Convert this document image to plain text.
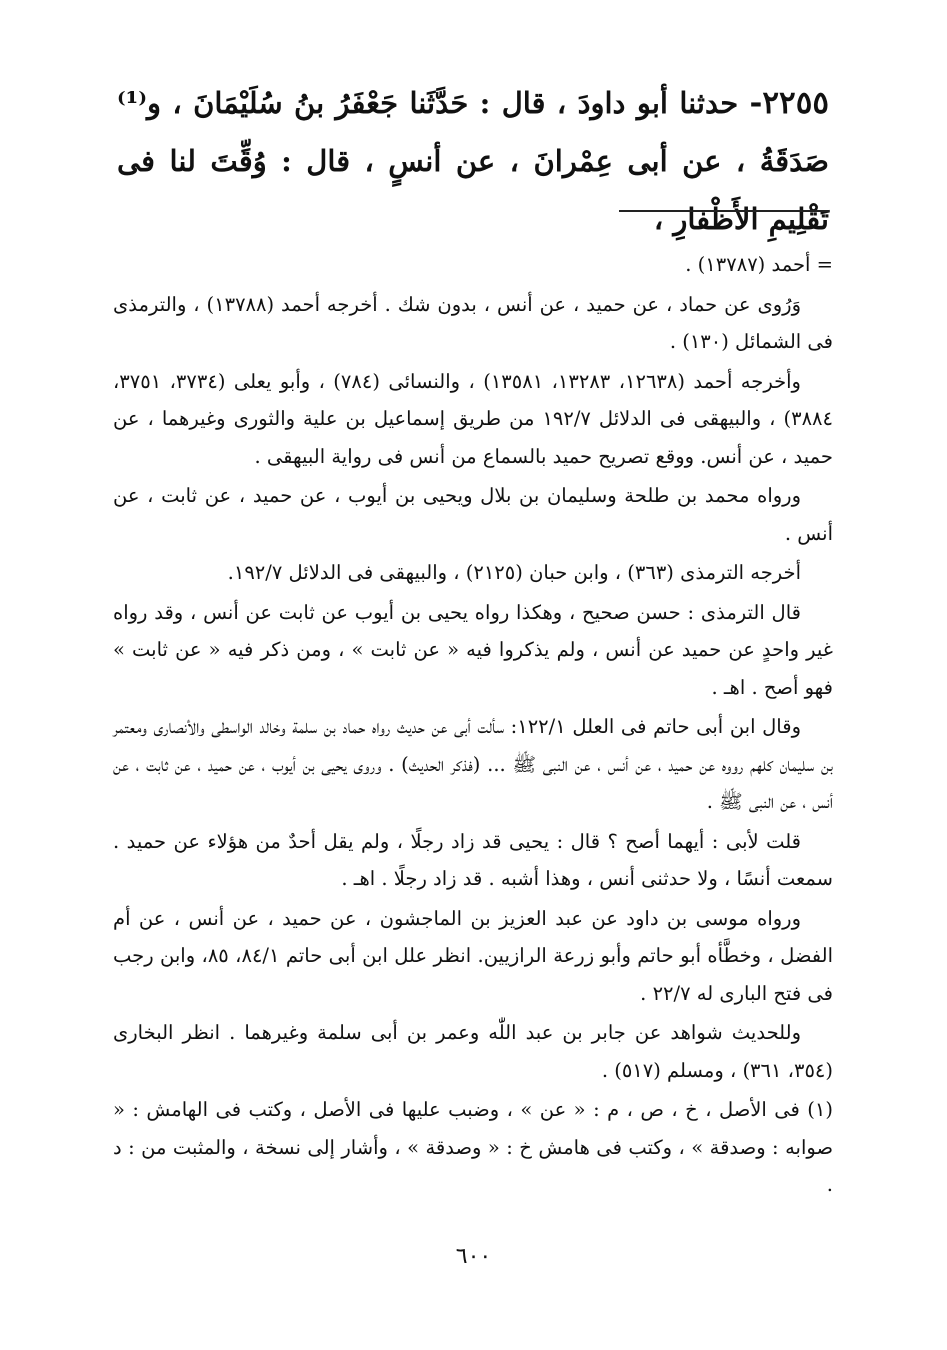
٢٢٥٥- حدثنا أبو داودَ ، قال : حَدَّثَنا جَعْفَرُ بنُ سُلَيْمَانَ ، و⁽¹⁾ صَدَقَةُ ، عن أبى عِمْرانَ ، عن أنسٍ ، قال : وُقِّتَ لنا فى تَقْلِيمِ الأَظْفارِ ،

= أحمد (١٣٧٨٧) .

وَرُوى عن حماد ، عن حميد ، عن أنس ، بدون شك . أخرجه أحمد (١٣٧٨٨) ، والترمذى فى الشمائل (١٣٠) .

وأخرجه أحمد (١٢٦٣٨، ١٣٢٨٣، ١٣٥٨١) ، والنسائى (٧٨٤) ، وأبو يعلى (٣٧٣٤، ٣٧٥١، ٣٨٨٤) ، والبيهقى فى الدلائل ١٩٢/٧ من طريق إسماعيل بن علية والثورى وغيرهما ، عن حميد ، عن أنس. ووقع تصريح حميد بالسماع من أنس فى رواية البيهقى .

ورواه محمد بن طلحة وسليمان بن بلال ويحيى بن أيوب ، عن حميد ، عن ثابت ، عن أنس .

أخرجه الترمذى (٣٦٣) ، وابن حبان (٢١٢٥) ، والبيهقى فى الدلائل ١٩٢/٧.

قال الترمذى : حسن صحيح ، وهكذا رواه يحيى بن أيوب عن ثابت عن أنس ، وقد رواه غير واحدٍ عن حميد عن أنس ، ولم يذكروا فيه « عن ثابت » ، ومن ذكر فيه « عن ثابت » فهو أصح . اهـ .

وقال ابن أبى حاتم فى العلل ١٢٢/١: سألت أبى عن حديث رواه حماد بن سلمة وخالد الواسطى والأنصارى ومعتمر بن سليمان كلهم رووه عن حميد ، عن أنس ، عن النبى ﷺ ... (فذكر الحديث) . وروى يحيى بن أيوب ، عن حميد ، عن ثابت ، عن أنس ، عن النبى ﷺ .

قلت لأبى : أيهما أصح ؟ قال : يحيى قد زاد رجلًا ، ولم يقل أحدٌ من هؤلاء عن حميد . سمعت أنسًا ، ولا حدثنى أنس ، وهذا أشبه . قد زاد رجلًا . اهـ .

ورواه موسى بن داود عن عبد العزيز بن الماجشون ، عن حميد ، عن أنس ، عن أم الفضل ، وخطَّأه أبو حاتم وأبو زرعة الرازيين. انظر علل ابن أبى حاتم ٨٤/١، ٨٥، وابن رجب فى فتح البارى له ٢٢/٧ .

وللحديث شواهد عن جابر بن عبد اللّٰه وعمر بن أبى سلمة وغيرهما . انظر البخارى (٣٥٤، ٣٦١) ، ومسلم (٥١٧) .

(١) فى الأصل ، خ ، ص ، م : « عن » ، وضبب عليها فى الأصل ، وكتب فى الهامش : « صوابه : وصدقة » ، وكتب فى هامش خ : « وصدقة » ، وأشار إلى نسخة ، والمثبت من : د .

٦٠٠
